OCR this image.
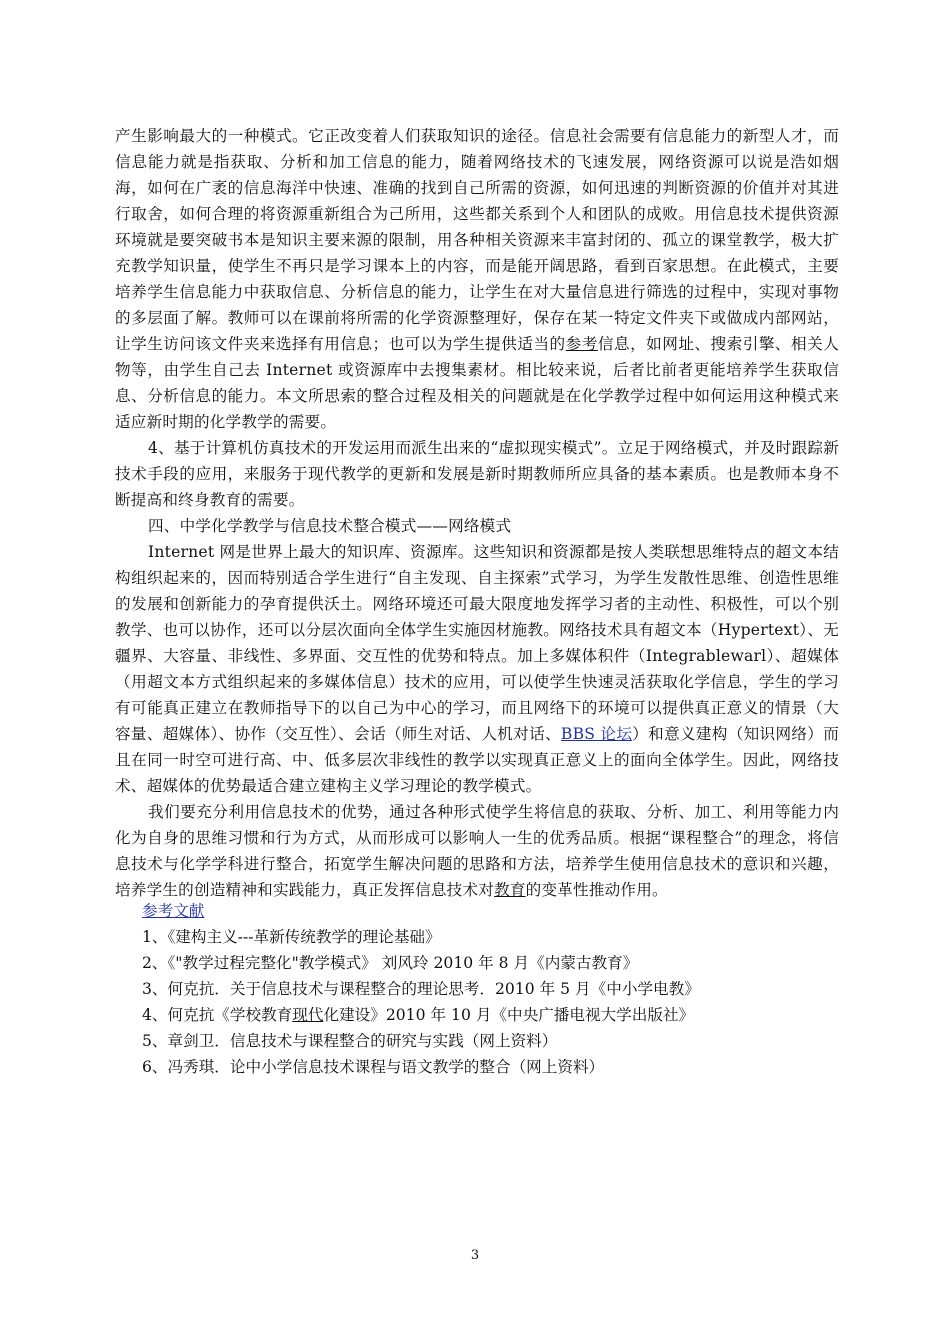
产生影响最大的一种模式。它正改变着人们获取知识的途径。信息社会需要有信息能力的新型人才，而信息能力就是指获取、分析和加工信息的能力，随着网络技术的飞速发展，网络资源可以说是浩如烟海，如何在广袤的信息海洋中快速、准确的找到自己所需的资源，如何迅速的判断资源的价值并对其进行取舍，如何合理的将资源重新组合为己所用，这些都关系到个人和团队的成败。用信息技术提供资源环境就是要突破书本是知识主要来源的限制，用各种相关资源来丰富封闭的、孤立的课堂教学，极大扩充教学知识量，使学生不再只是学习课本上的内容，而是能开阔思路，看到百家思想。在此模式，主要培养学生信息能力中获取信息、分析信息的能力，让学生在对大量信息进行筛选的过程中，实现对事物的多层面了解。教师可以在课前将所需的化学资源整理好，保存在某一特定文件夹下或做成内部网站，让学生访问该文件夹来选择有用信息；也可以为学生提供适当的参考信息，如网址、搜索引擎、相关人物等，由学生自己去 Internet 或资源库中去搜集素材。相比较来说，后者比前者更能培养学生获取信息、分析信息的能力。本文所思索的整合过程及相关的问题就是在化学教学过程中如何运用这种模式来适应新时期的化学教学的需要。

4、基于计算机仿真技术的开发运用而派生出来的“虚拟现实模式”。立足于网络模式，并及时跟踪新技术手段的应用，来服务于现代教学的更新和发展是新时期教师所应具备的基本素质。也是教师本身不断提高和终身教育的需要。

四、中学化学教学与信息技术整合模式——网络模式

Internet 网是世界上最大的知识库、资源库。这些知识和资源都是按人类联想思维特点的超文本结构组织起来的，因而特别适合学生进行“自主发现、自主探索”式学习，为学生发散性思维、创造性思维的发展和创新能力的孕育提供沃土。网络环境还可最大限度地发挥学习者的主动性、积极性，可以个别教学、也可以协作，还可以分层次面向全体学生实施因材施教。网络技术具有超文本（Hypertext）、无疆界、大容量、非线性、多界面、交互性的优势和特点。加上多媒体积件（Integrablewarl）、超媒体（用超文本方式组织起来的多媒体信息）技术的应用，可以使学生快速灵活获取化学信息，学生的学习有可能真正建立在教师指导下的以自己为中心的学习，而且网络下的环境可以提供真正意义的情景（大容量、超媒体）、协作（交互性）、会话（师生对话、人机对话、BBS 论坛）和意义建构（知识网络）而且在同一时空可进行高、中、低多层次非线性的教学以实现真正意义上的面向全体学生。因此，网络技术、超媒体的优势最适合建立建构主义学习理论的教学模式。

我们要充分利用信息技术的优势，通过各种形式使学生将信息的获取、分析、加工、利用等能力内化为自身的思维习惯和行为方式，从而形成可以影响人一生的优秀品质。根据“课程整合”的理念，将信息技术与化学学科进行整合，拓宽学生解决问题的思路和方法，培养学生使用信息技术的意识和兴趣，培养学生的创造精神和实践能力，真正发挥信息技术对教育的变革性推动作用。

参考文献
1、《建构主义---革新传统教学的理论基础》
2、《"教学过程完整化"教学模式》 刘风玲 2010 年 8 月《内蒙古教育》
3、何克抗．关于信息技术与课程整合的理论思考．2010 年 5 月《中小学电教》
4、何克抗《学校教育现代化建设》2010 年 10 月《中央广播电视大学出版社》
5、章剑卫．信息技术与课程整合的研究与实践（网上资料）
6、冯秀琪．论中小学信息技术课程与语文教学的整合（网上资料）
3
